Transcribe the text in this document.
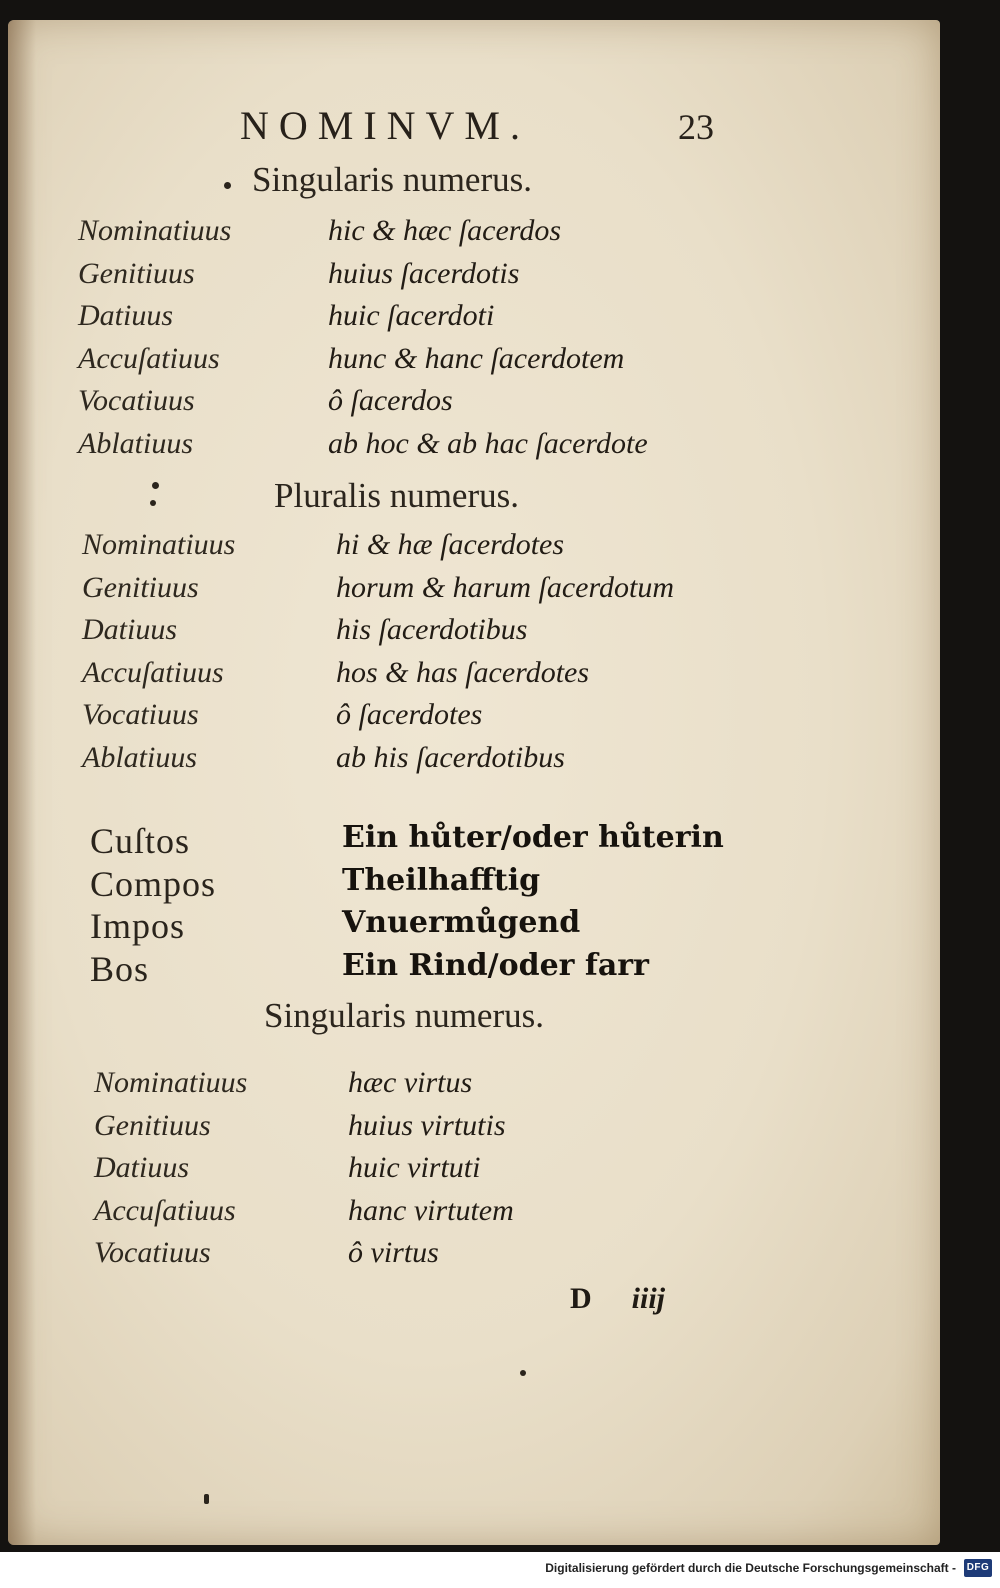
NOMINVM.	23
Singularis numerus.
Nominatiuus	hic & hæc ſacerdos
Genitiuus	huius ſacerdotis
Datiuus	huic ſacerdoti
Accuſatiuus	hunc & hanc ſacerdotem
Vocatiuus	ô ſacerdos
Ablatiuus	ab hoc & ab hac ſacerdote
Pluralis numerus.
Nominatiuus	hi & hæ ſacerdotes
Genitiuus	horum & harum ſacerdotum
Datiuus	his ſacerdotibus
Accuſatiuus	hos & has ſacerdotes
Vocatiuus	ô ſacerdotes
Ablatiuus	ab his ſacerdotibus
Cuſtos	Ein hůter/oder hůterin
Compos	Theilhafftig
Impos	Vnuermůgend
Bos	Ein Rind/oder farr
Singularis numerus.
Nominatiuus	hæc virtus
Genitiuus	huius virtutis
Datiuus	huic virtuti
Accuſatiuus	hanc virtutem
Vocatiuus	ô virtus
D iiij
Digitalisierung gefördert durch die Deutsche Forschungsgemeinschaft - DFG
